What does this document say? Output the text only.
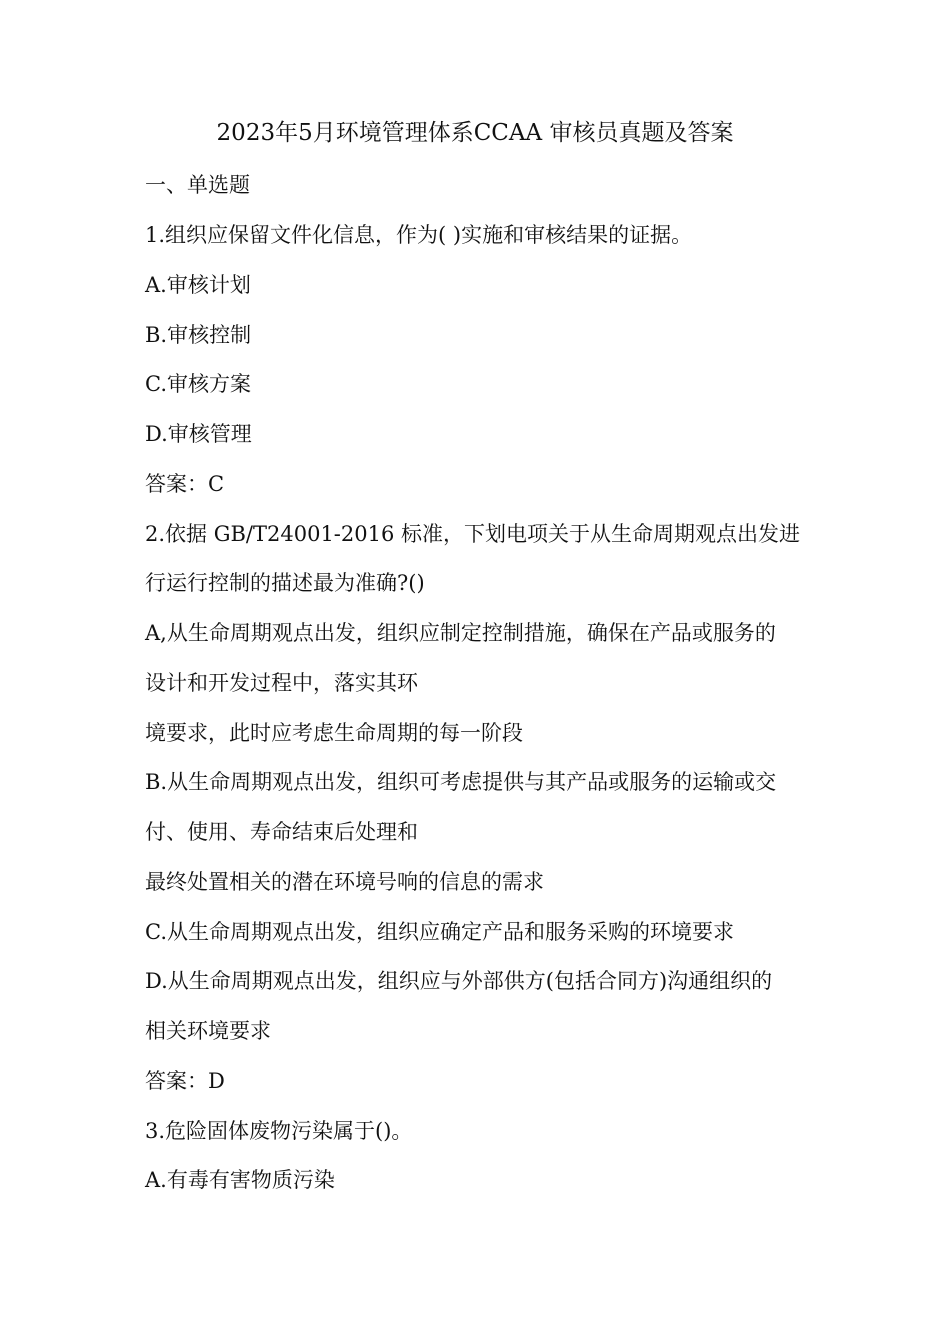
2023年5月环境管理体系CCAA 审核员真题及答案
一、单选题
1.组织应保留文件化信息，作为( )实施和审核结果的证据。
A.审核计划
B.审核控制
C.审核方案
D.审核管理
答案：C
2.依据 GB/T24001-2016 标准，下划电项关于从生命周期观点出发进
行运行控制的描述最为准确?()
A,从生命周期观点出发，组织应制定控制措施，确保在产品或服务的
设计和开发过程中，落实其环
境要求，此时应考虑生命周期的每一阶段
B.从生命周期观点出发，组织可考虑提供与其产品或服务的运输或交
付、使用、寿命结束后处理和
最终处置相关的潜在环境号响的信息的需求
C.从生命周期观点出发，组织应确定产品和服务采购的环境要求
D.从生命周期观点出发，组织应与外部供方(包括合同方)沟通组织的
相关环境要求
答案：D
3.危险固体废物污染属于()。
A.有毒有害物质污染
